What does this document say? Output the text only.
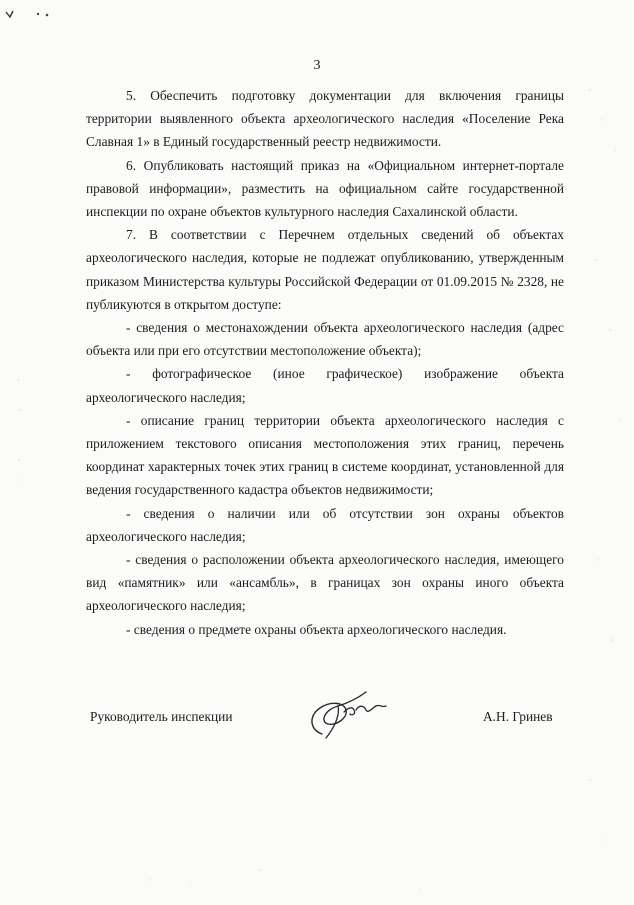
3

5. Обеспечить подготовку документации для включения границы территории выявленного объекта археологического наследия «Поселение Река Славная 1» в Единый государственный реестр недвижимости.

6. Опубликовать настоящий приказ на «Официальном интернет-портале правовой информации», разместить на официальном сайте государственной инспекции по охране объектов культурного наследия Сахалинской области.

7. В соответствии с Перечнем отдельных сведений об объектах археологического наследия, которые не подлежат опубликованию, утвержденным приказом Министерства культуры Российской Федерации от 01.09.2015 № 2328, не публикуются в открытом доступе:

- сведения о местонахождении объекта археологического наследия (адрес объекта или при его отсутствии местоположение объекта);

- фотографическое (иное графическое) изображение объекта археологического наследия;

- описание границ территории объекта археологического наследия с приложением текстового описания местоположения этих границ, перечень координат характерных точек этих границ в системе координат, установленной для ведения государственного кадастра объектов недвижимости;

- сведения о наличии или об отсутствии зон охраны объектов археологического наследия;

- сведения о расположении объекта археологического наследия, имеющего вид «памятник» или «ансамбль», в границах зон охраны иного объекта археологического наследия;

- сведения о предмете охраны объекта археологического наследия.

Руководитель инспекции	А.Н. Гринев
